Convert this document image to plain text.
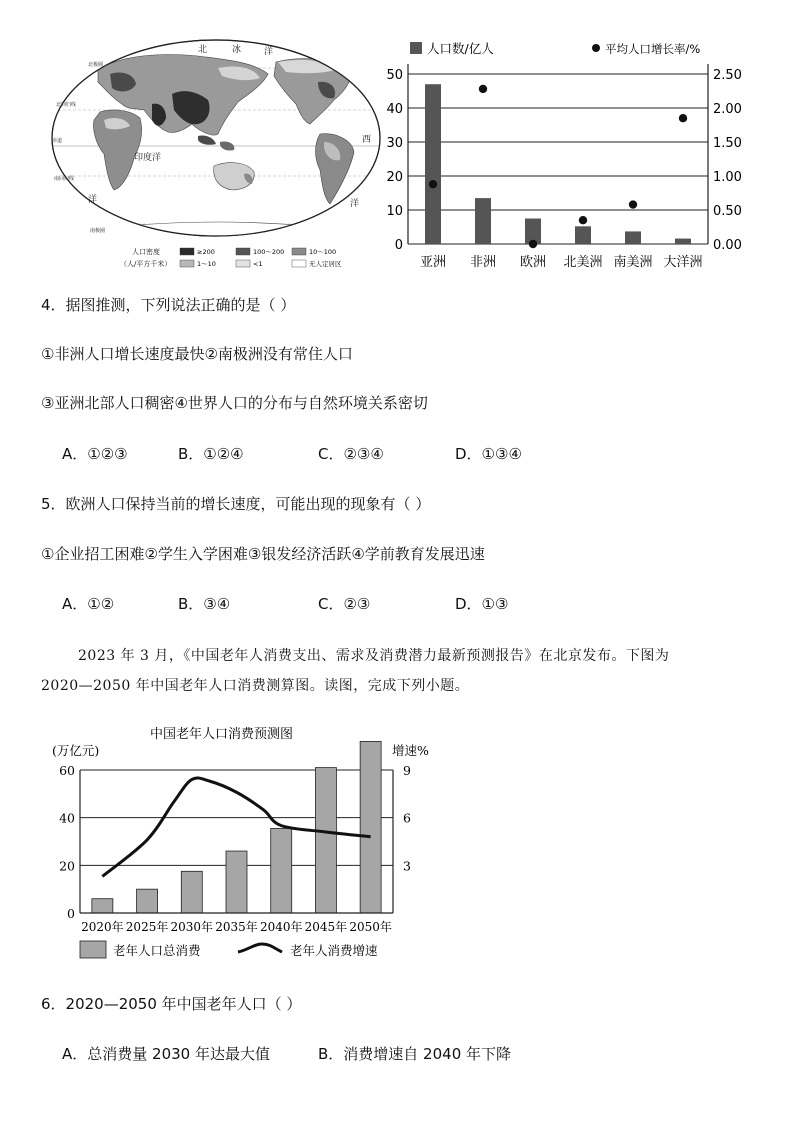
北	冰	洋
印度洋
洋
西
洋
赤道
南回归线
北回归线
南极圈
北极圈
人口密度
（人/平方千米）
≥200	100～200	10～100
1～10	<1	无人定居区
人口数/亿人	平均人口增长率/%
0
10
20
30
40
50
0.00
0.50
1.00
1.50
2.00
2.50
亚洲 非洲 欧洲 北美洲 南美洲 大洋洲
4．据图推测，下列说法正确的是（ ）
①非洲人口增长速度最快②南极洲没有常住人口
③亚洲北部人口稠密④世界人口的分布与自然环境关系密切
A．①②③	B．①②④	C．②③④	D．①③④
5．欧洲人口保持当前的增长速度，可能出现的现象有（ ）
①企业招工困难②学生入学困难③银发经济活跃④学前教育发展迅速
A．①②	B．③④	C．②③	D．①③
2023 年 3 月，《中国老年人消费支出、需求及消费潜力最新预测报告》在北京发布。下图为
2020—2050 年中国老年人口消费测算图。读图，完成下列小题。
中国老年人口消费预测图
(万亿元)	增速%
0
20
40
60
3
6
9
2020年 2025年 2030年 2035年 2040年 2045年 2050年
老年人口总消费	老年人消费增速
6．2020—2050 年中国老年人口（ ）
A．总消费量 2030 年达最大值	B．消费增速自 2040 年下降
